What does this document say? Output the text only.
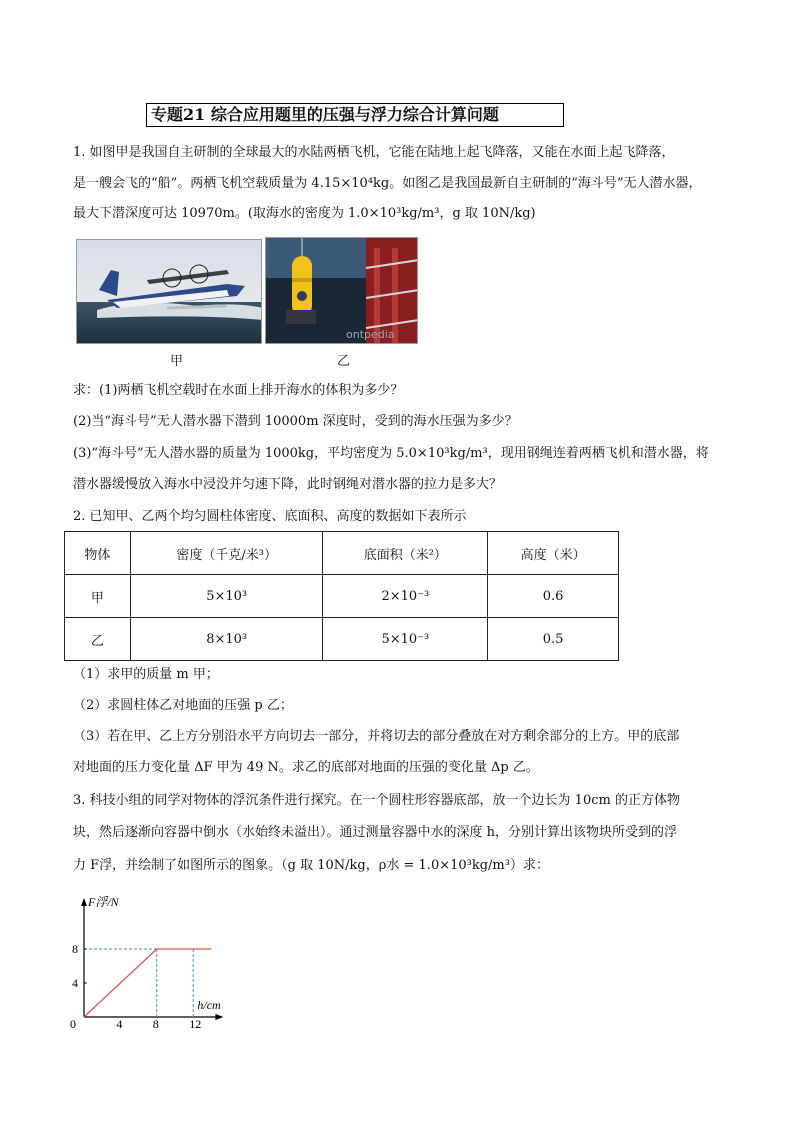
专题21 综合应用题里的压强与浮力综合计算问题
1. 如图甲是我国自主研制的全球最大的水陆两栖飞机，它能在陆地上起飞降落，又能在水面上起飞降落，
是一艘会飞的“船”。两栖飞机空载质量为 4.15×10⁴kg。如图乙是我国最新自主研制的“海斗号”无人潜水器，
最大下潜深度可达 10970m。(取海水的密度为 1.0×10³kg/m³，g 取 10N/kg)
ontpedia
甲	乙
求：(1)两栖飞机空载时在水面上排开海水的体积为多少？
(2)当“海斗号”无人潜水器下潜到 10000m 深度时，受到的海水压强为多少？
(3)“海斗号”无人潜水器的质量为 1000kg，平均密度为 5.0×10³kg/m³，现用钢绳连着两栖飞机和潜水器，将
潜水器缓慢放入海水中浸没并匀速下降，此时钢绳对潜水器的拉力是多大？
2. 已知甲、乙两个均匀圆柱体密度、底面积、高度的数据如下表所示
物体	密度（千克/米³）	底面积（米²）	高度（米）
甲	5×10³	2×10⁻³	0.6
乙	8×10³	5×10⁻³	0.5
（1）求甲的质量 m 甲；
（2）求圆柱体乙对地面的压强 p 乙；
（3）若在甲、乙上方分别沿水平方向切去一部分，并将切去的部分叠放在对方剩余部分的上方。甲的底部
对地面的压力变化量 ΔF 甲为 49 N。求乙的底部对地面的压强的变化量 Δp 乙。
3. 科技小组的同学对物体的浮沉条件进行探究。在一个圆柱形容器底部，放一个边长为 10cm 的正方体物
块，然后逐渐向容器中倒水（水始终未溢出）。通过测量容器中水的深度 h，分别计算出该物块所受到的浮
力 F浮，并绘制了如图所示的图象。（g 取 10N/kg，ρ水 = 1.0×10³kg/m³）求：
0	4	8	12
4
8
F浮/N
h/cm
